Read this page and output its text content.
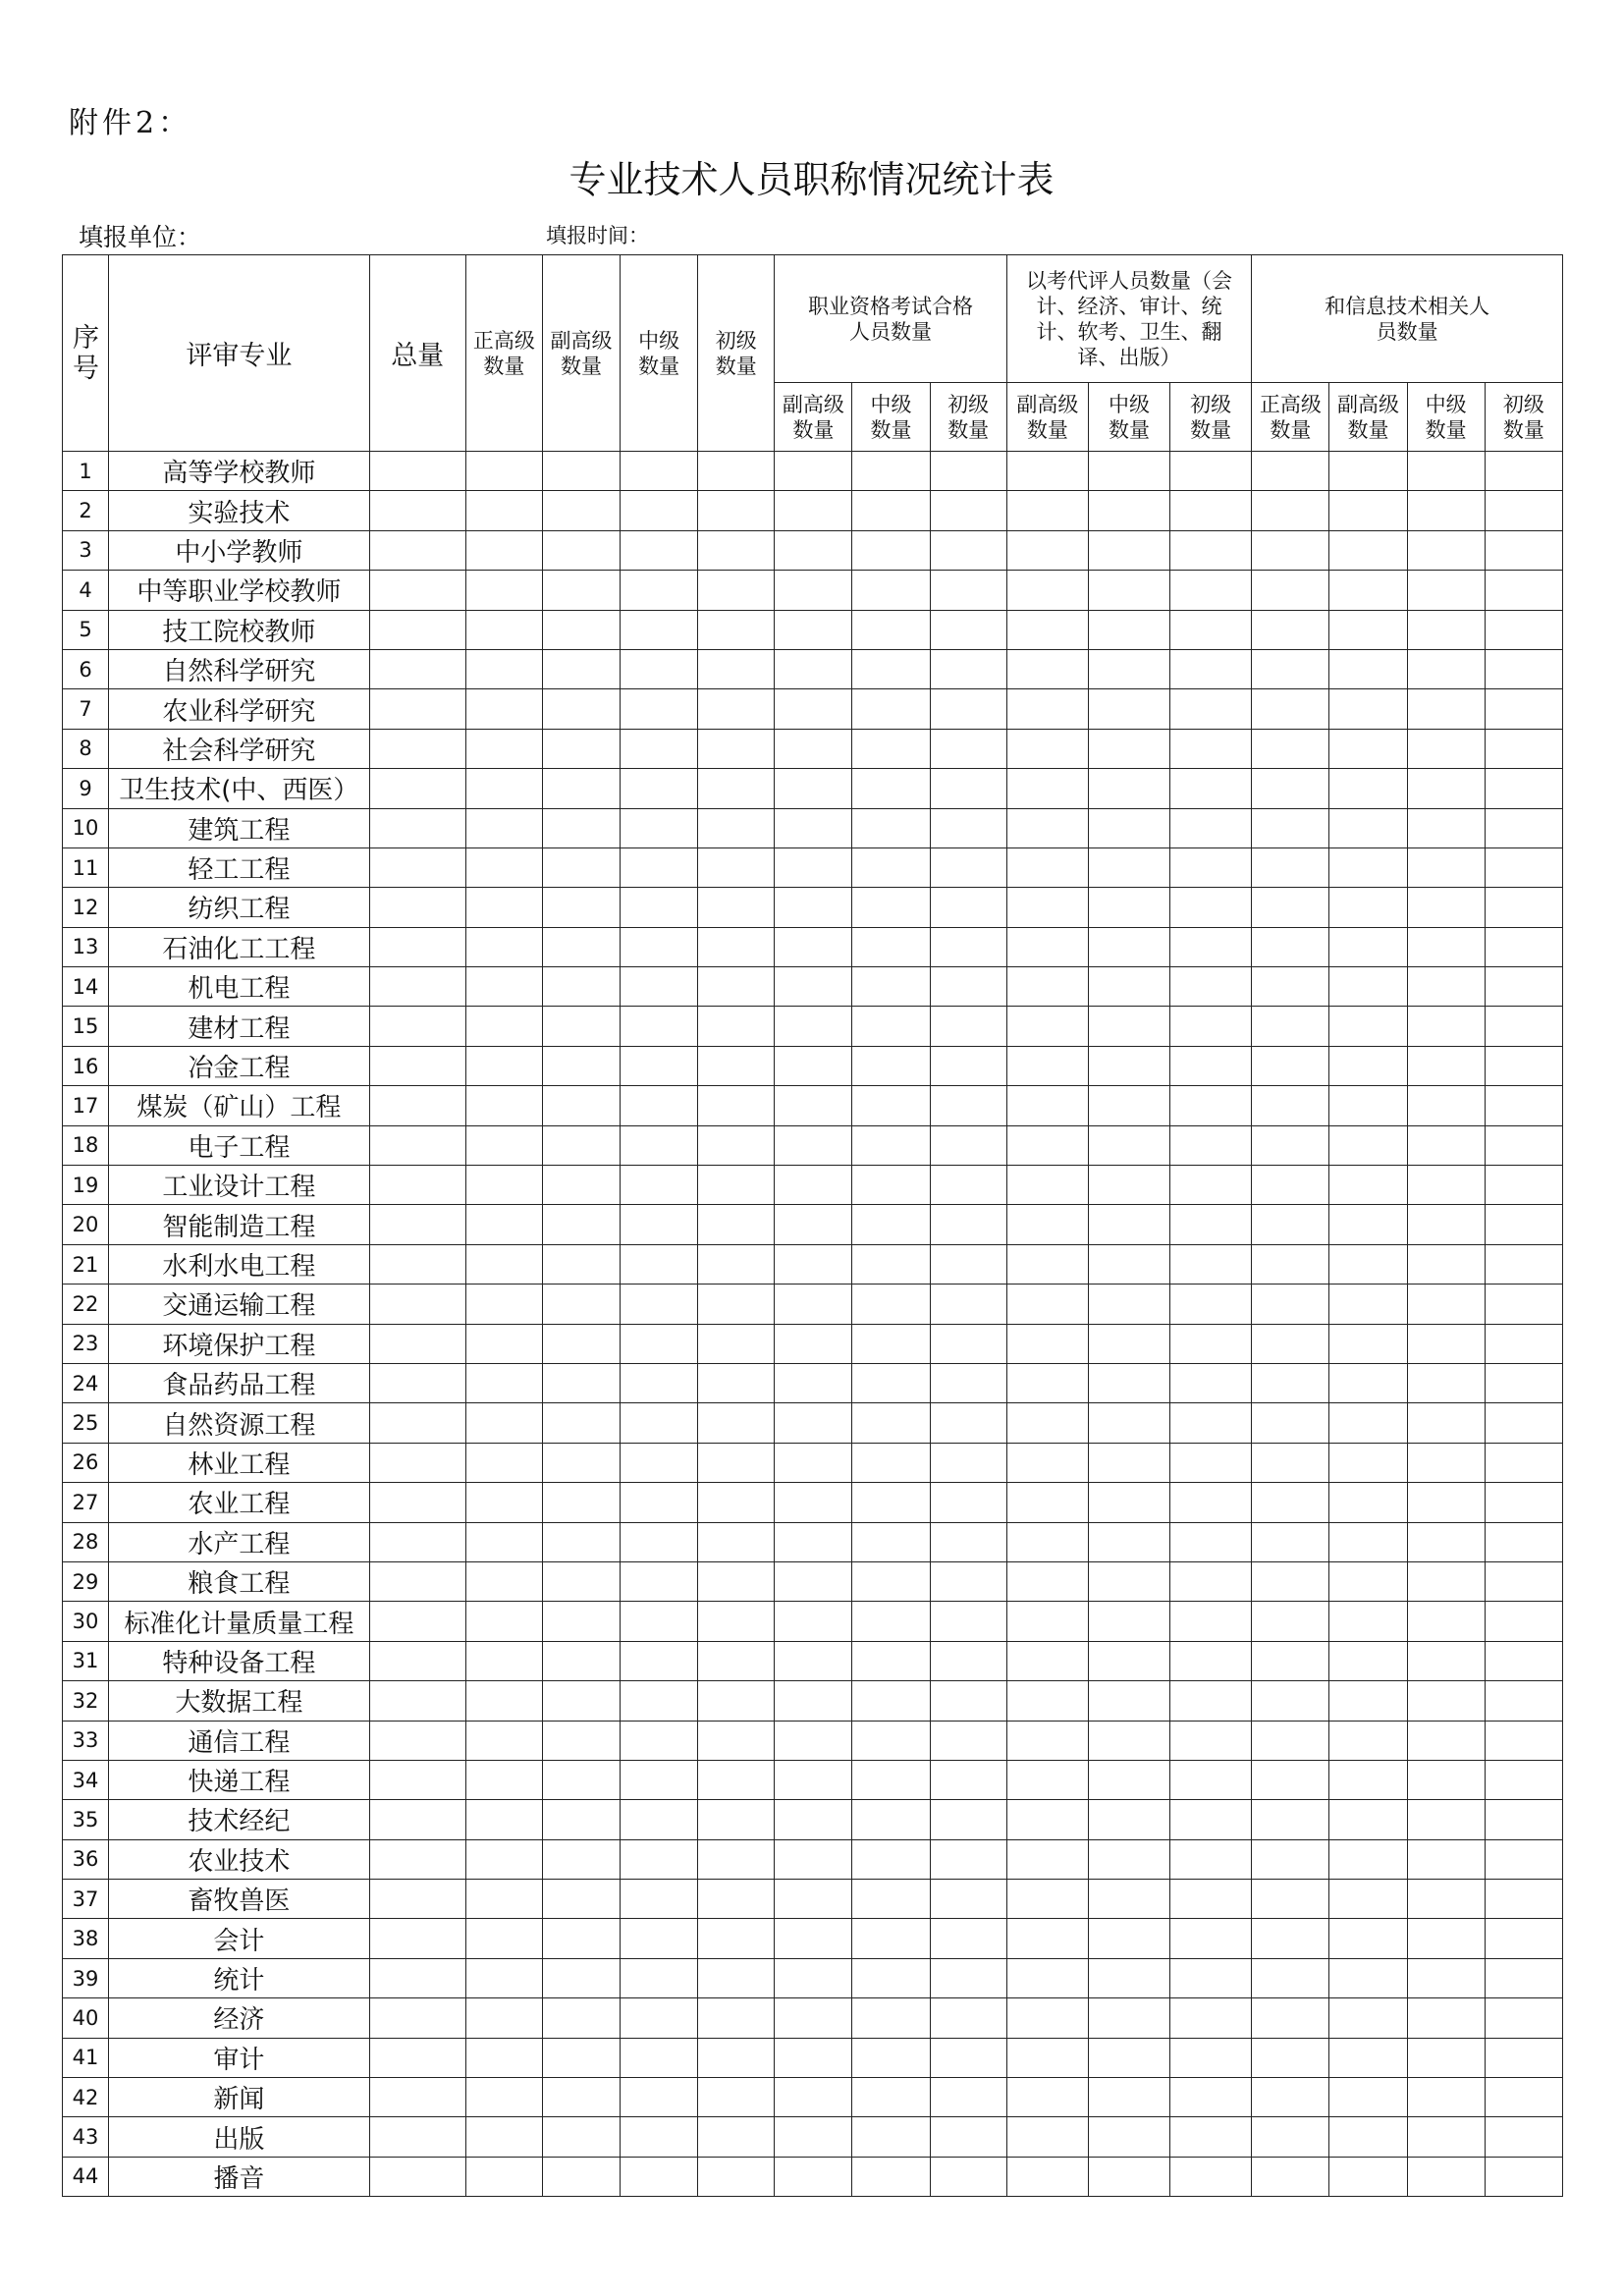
附件2：
专业技术人员职称情况统计表
填报单位：	填报时间：
序号	评审专业	总量	正高级数量	副高级数量	中级数量	初级数量	职业资格考试合格人员数量			以考代评人员数量（会计、经济、审计、统计、软考、卫生、翻译、出版）			和信息技术相关人员数量			

							副高级数量	中级数量	初级数量	副高级数量	中级数量	初级数量	正高级数量	副高级数量	中级数量	初级数量

1	高等学校教师															
2	实验技术															
3	中小学教师															
4	中等职业学校教师															
5	技工院校教师															
6	自然科学研究															
7	农业科学研究															
8	社会科学研究															
9	卫生技术(中、西医）															
10	建筑工程															
11	轻工工程															
12	纺织工程															
13	石油化工工程															
14	机电工程															
15	建材工程															
16	冶金工程															
17	煤炭（矿山）工程															
18	电子工程															
19	工业设计工程															
20	智能制造工程															
21	水利水电工程															
22	交通运输工程															
23	环境保护工程															
24	食品药品工程															
25	自然资源工程															
26	林业工程															
27	农业工程															
28	水产工程															
29	粮食工程															
30	标准化计量质量工程															
31	特种设备工程															
32	大数据工程															
33	通信工程															
34	快递工程															
35	技术经纪															
36	农业技术															
37	畜牧兽医															
38	会计															
39	统计															
40	经济															
41	审计															
42	新闻															
43	出版															
44	播音															
